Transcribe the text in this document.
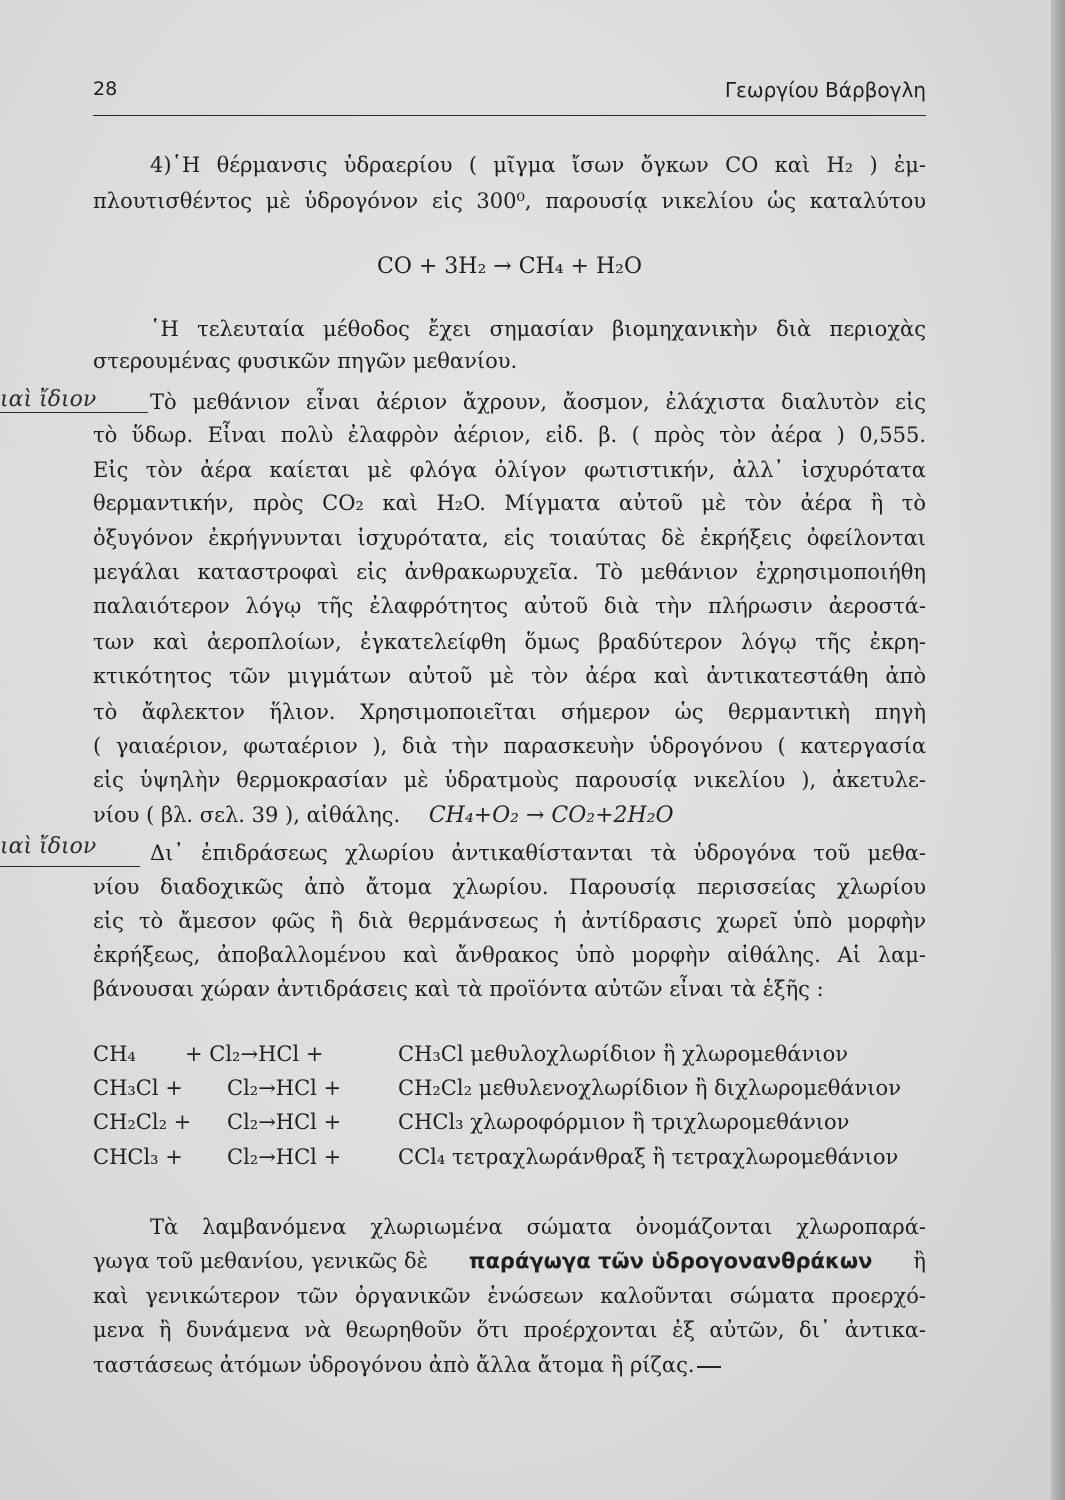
28	Γεωργίου Βάρβογλη
4)῾Η θέρμανσις ὑδραερίου ( μῖγμα ἴσων ὄγκων CO καὶ H₂ ) ἐμ-
πλουτισθέντος μὲ ὑδρογόνον εἰς 300⁰, παρουσίᾳ νικελίου ὡς καταλύτου
CO + 3H₂ → CH₄ + H₂O
῾Η τελευταία μέθοδος ἔχει σημασίαν βιομηχανικὴν διὰ περιοχὰς
στερουμένας φυσικῶν πηγῶν μεθανίου.
ιαὶ ἴδιον	Τὸ μεθάνιον εἶναι ἀέριον ἄχρουν, ἄοσμον, ἐλάχιστα διαλυτὸν εἰς
τὸ ὕδωρ. Εἶναι πολὺ ἐλαφρὸν ἀέριον, εἰδ. β. ( πρὸς τὸν ἀέρα ) 0,555.
Εἰς τὸν ἀέρα καίεται μὲ φλόγα ὀλίγον φωτιστικήν, ἀλλ᾿ ἰσχυρότατα
θερμαντικήν, πρὸς CO₂ καὶ H₂O. Μίγματα αὐτοῦ μὲ τὸν ἀέρα ἢ τὸ
ὀξυγόνον ἐκρήγνυνται ἰσχυρότατα, εἰς τοιαύτας δὲ ἐκρήξεις ὀφείλονται
μεγάλαι καταστροφαὶ εἰς ἀνθρακωρυχεῖα. Τὸ μεθάνιον ἐχρησιμοποιήθη
παλαιότερον λόγῳ τῆς ἐλαφρότητος αὐτοῦ διὰ τὴν πλήρωσιν ἀεροστά-
των καὶ ἀεροπλοίων, ἐγκατελείφθη ὅμως βραδύτερον λόγῳ τῆς ἐκρη-
κτικότητος τῶν μιγμάτων αὐτοῦ μὲ τὸν ἀέρα καὶ ἀντικατεστάθη ἀπὸ
τὸ ἄφλεκτον ἥλιον. Χρησιμοποιεῖται σήμερον ὡς θερμαντικὴ πηγὴ
( γαιαέριον, φωταέριον ), διὰ τὴν παρασκευὴν ὑδρογόνου ( κατεργασία
εἰς ὑψηλὴν θερμοκρασίαν μὲ ὑδρατμοὺς παρουσίᾳ νικελίου ), ἀκετυλε-
νίου ( βλ. σελ. 39 ), αἰθάλης. CH₄+O₂ → CO₂+2H₂O
ιαὶ ἴδιον	Δι᾿ ἐπιδράσεως χλωρίου ἀντικαθίστανται τὰ ὑδρογόνα τοῦ μεθα-
νίου διαδοχικῶς ἀπὸ ἄτομα χλωρίου. Παρουσίᾳ περισσείας χλωρίου
εἰς τὸ ἄμεσον φῶς ἢ διὰ θερμάνσεως ἡ ἀντίδρασις χωρεῖ ὑπὸ μορφὴν
ἐκρήξεως, ἀποβαλλομένου καὶ ἄνθρακος ὑπὸ μορφὴν αἰθάλης. Αἱ λαμ-
βάνουσαι χώραν ἀντιδράσεις καὶ τὰ προϊόντα αὐτῶν εἶναι τὰ ἑξῆς :
CH₄ + Cl₂→HCl +	CH₃Cl μεθυλοχλωρίδιον ἢ χλωρομεθάνιον
CH₃Cl + Cl₂→HCl +	CH₂Cl₂ μεθυλενοχλωρίδιον ἢ διχλωρομεθάνιον
CH₂Cl₂ + Cl₂→HCl +	CHCl₃ χλωροφόρμιον ἢ τριχλωρομεθάνιον
CHCl₃ + Cl₂→HCl +	CCl₄ τετραχλωράνθραξ ἢ τετραχλωρομεθάνιον
Τὰ λαμβανόμενα χλωριωμένα σώματα ὀνομάζονται χλωροπαρά-
γωγα τοῦ μεθανίου, γενικῶς δὲ παράγωγα τῶν ὑδρογονανθράκων ἢ
καὶ γενικώτερον τῶν ὀργανικῶν ἑνώσεων καλοῦνται σώματα προερχό-
μενα ἢ δυνάμενα νὰ θεωρηθοῦν ὅτι προέρχονται ἐξ αὐτῶν, δι᾿ ἀντικα-
ταστάσεως ἀτόμων ὑδρογόνου ἀπὸ ἄλλα ἄτομα ἢ ρίζας.
